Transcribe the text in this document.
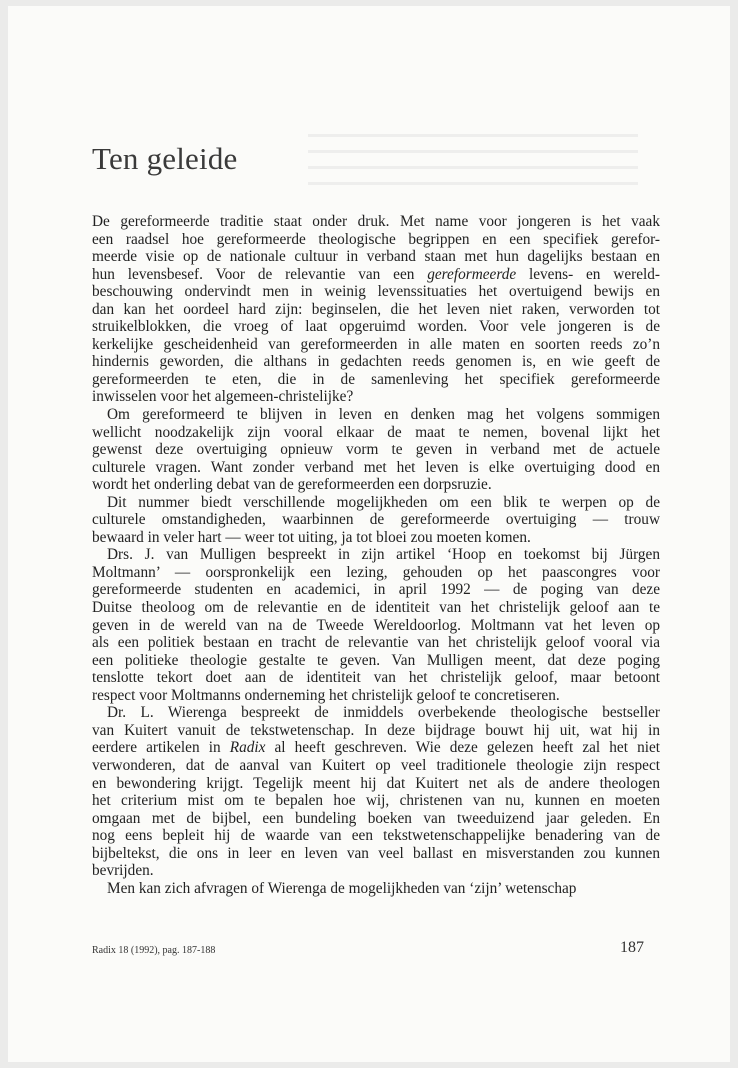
Ten geleide
De gereformeerde traditie staat onder druk. Met name voor jongeren is het vaak
een raadsel hoe gereformeerde theologische begrippen en een specifiek gerefor-
meerde visie op de nationale cultuur in verband staan met hun dagelijks bestaan en
hun levensbesef. Voor de relevantie van een gereformeerde levens- en wereld-
beschouwing ondervindt men in weinig levenssituaties het overtuigend bewijs en
dan kan het oordeel hard zijn: beginselen, die het leven niet raken, verworden tot
struikelblokken, die vroeg of laat opgeruimd worden. Voor vele jongeren is de
kerkelijke gescheidenheid van gereformeerden in alle maten en soorten reeds zo’n
hindernis geworden, die althans in gedachten reeds genomen is, en wie geeft de
gereformeerden te eten, die in de samenleving het specifiek gereformeerde
inwisselen voor het algemeen-christelijke?
Om gereformeerd te blijven in leven en denken mag het volgens sommigen
wellicht noodzakelijk zijn vooral elkaar de maat te nemen, bovenal lijkt het
gewenst deze overtuiging opnieuw vorm te geven in verband met de actuele
culturele vragen. Want zonder verband met het leven is elke overtuiging dood en
wordt het onderling debat van de gereformeerden een dorpsruzie.
Dit nummer biedt verschillende mogelijkheden om een blik te werpen op de
culturele omstandigheden, waarbinnen de gereformeerde overtuiging — trouw
bewaard in veler hart — weer tot uiting, ja tot bloei zou moeten komen.
Drs. J. van Mulligen bespreekt in zijn artikel ‘Hoop en toekomst bij Jürgen
Moltmann’ — oorspronkelijk een lezing, gehouden op het paascongres voor
gereformeerde studenten en academici, in april 1992 — de poging van deze
Duitse theoloog om de relevantie en de identiteit van het christelijk geloof aan te
geven in de wereld van na de Tweede Wereldoorlog. Moltmann vat het leven op
als een politiek bestaan en tracht de relevantie van het christelijk geloof vooral via
een politieke theologie gestalte te geven. Van Mulligen meent, dat deze poging
tenslotte tekort doet aan de identiteit van het christelijk geloof, maar betoont
respect voor Moltmanns onderneming het christelijk geloof te concretiseren.
Dr. L. Wierenga bespreekt de inmiddels overbekende theologische bestseller
van Kuitert vanuit de tekstwetenschap. In deze bijdrage bouwt hij uit, wat hij in
eerdere artikelen in Radix al heeft geschreven. Wie deze gelezen heeft zal het niet
verwonderen, dat de aanval van Kuitert op veel traditionele theologie zijn respect
en bewondering krijgt. Tegelijk meent hij dat Kuitert net als de andere theologen
het criterium mist om te bepalen hoe wij, christenen van nu, kunnen en moeten
omgaan met de bijbel, een bundeling boeken van tweeduizend jaar geleden. En
nog eens bepleit hij de waarde van een tekstwetenschappelijke benadering van de
bijbeltekst, die ons in leer en leven van veel ballast en misverstanden zou kunnen
bevrijden.
Men kan zich afvragen of Wierenga de mogelijkheden van ‘zijn’ wetenschap
Radix 18 (1992), pag. 187-188	187
